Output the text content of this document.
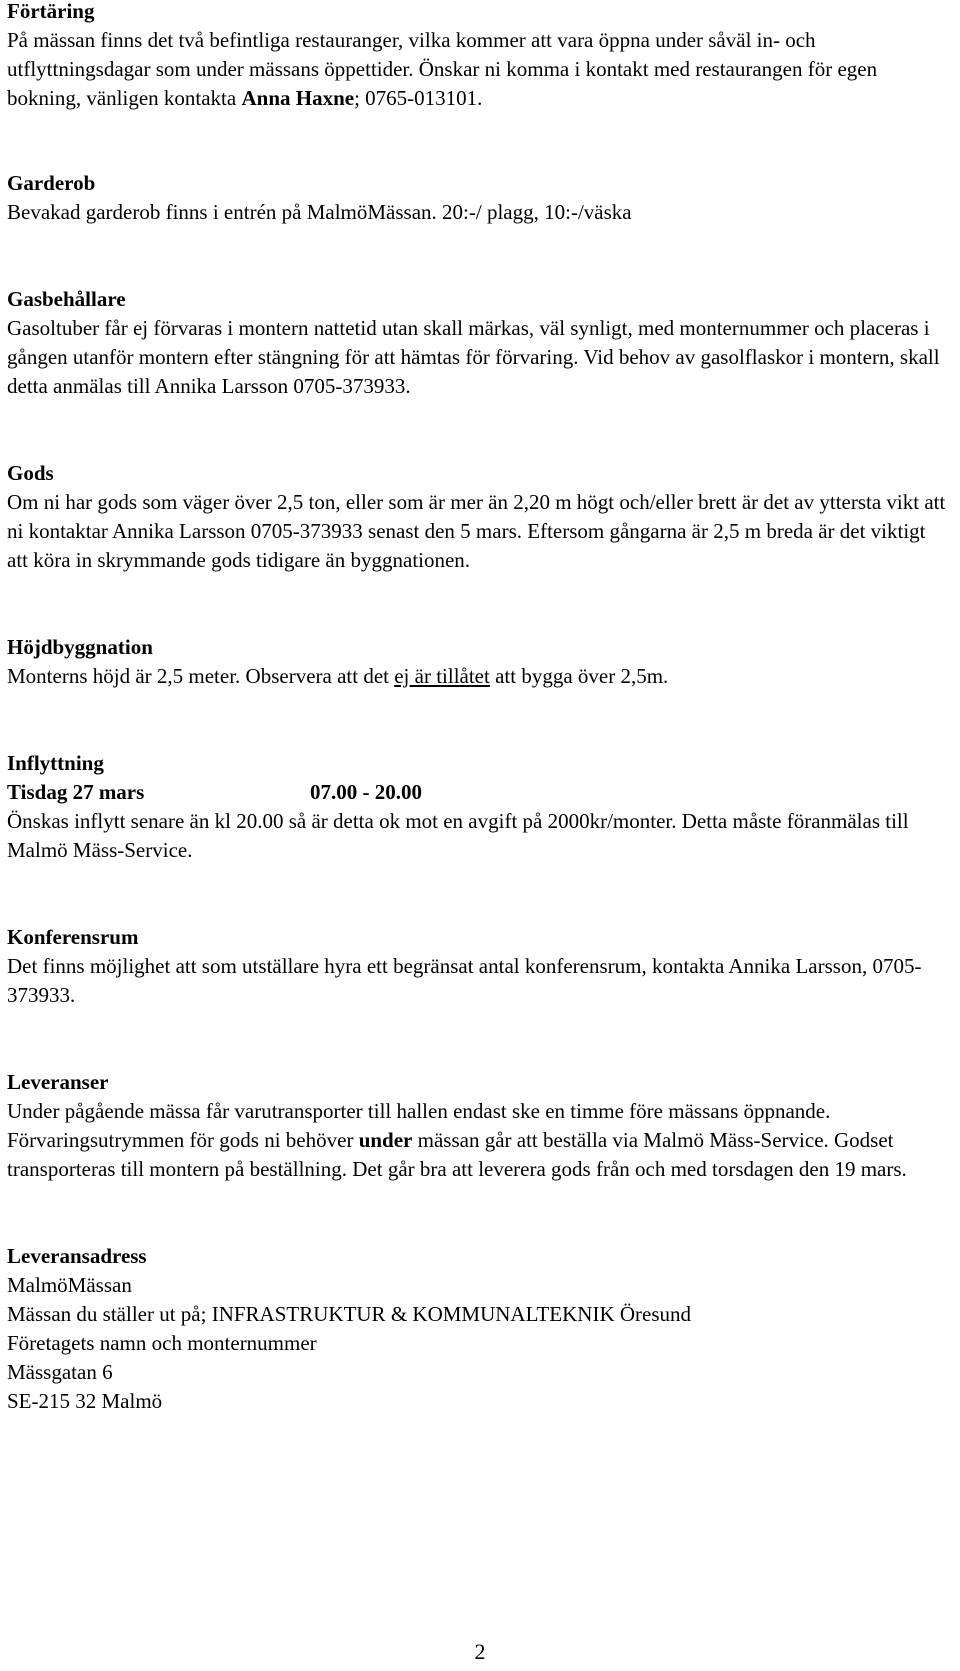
Förtäring
På mässan finns det två befintliga restauranger, vilka kommer att vara öppna under såväl in- och utflyttningsdagar som under mässans öppettider. Önskar ni komma i kontakt med restaurangen för egen bokning, vänligen kontakta Anna Haxne; 0765-013101.
Garderob
Bevakad garderob finns i entrén på MalmöMässan. 20:-/ plagg, 10:-/väska
Gasbehållare
Gasoltuber får ej förvaras i montern nattetid utan skall märkas, väl synligt, med monternummer och placeras i gången utanför montern efter stängning för att hämtas för förvaring. Vid behov av gasolflaskor i montern, skall detta anmälas till Annika Larsson 0705-373933.
Gods
Om ni har gods som väger över 2,5 ton, eller som är mer än 2,20 m högt och/eller brett är det av yttersta vikt att ni kontaktar Annika Larsson 0705-373933 senast den 5 mars. Eftersom gångarna är 2,5 m breda är det viktigt att köra in skrymmande gods tidigare än byggnationen.
Höjdbyggnation
Monterns höjd är 2,5 meter. Observera att det ej är tillåtet att bygga över 2,5m.
Inflyttning
Tisdag 27 mars	07.00 - 20.00
Önskas inflytt senare än kl 20.00 så är detta ok mot en avgift på 2000kr/monter. Detta måste föranmälas till Malmö Mäss-Service.
Konferensrum
Det finns möjlighet att som utställare hyra ett begränsat antal konferensrum, kontakta Annika Larsson, 0705- 373933.
Leveranser
Under pågående mässa får varutransporter till hallen endast ske en timme före mässans öppnande. Förvaringsutrymmen för gods ni behöver under mässan går att beställa via Malmö Mäss-Service. Godset transporteras till montern på beställning. Det går bra att leverera gods från och med torsdagen den 19 mars.
Leveransadress
MalmöMässan
Mässan du ställer ut på; INFRASTRUKTUR & KOMMUNALTEKNIK Öresund
Företagets namn och monternummer
Mässgatan 6
SE-215 32 Malmö
2
